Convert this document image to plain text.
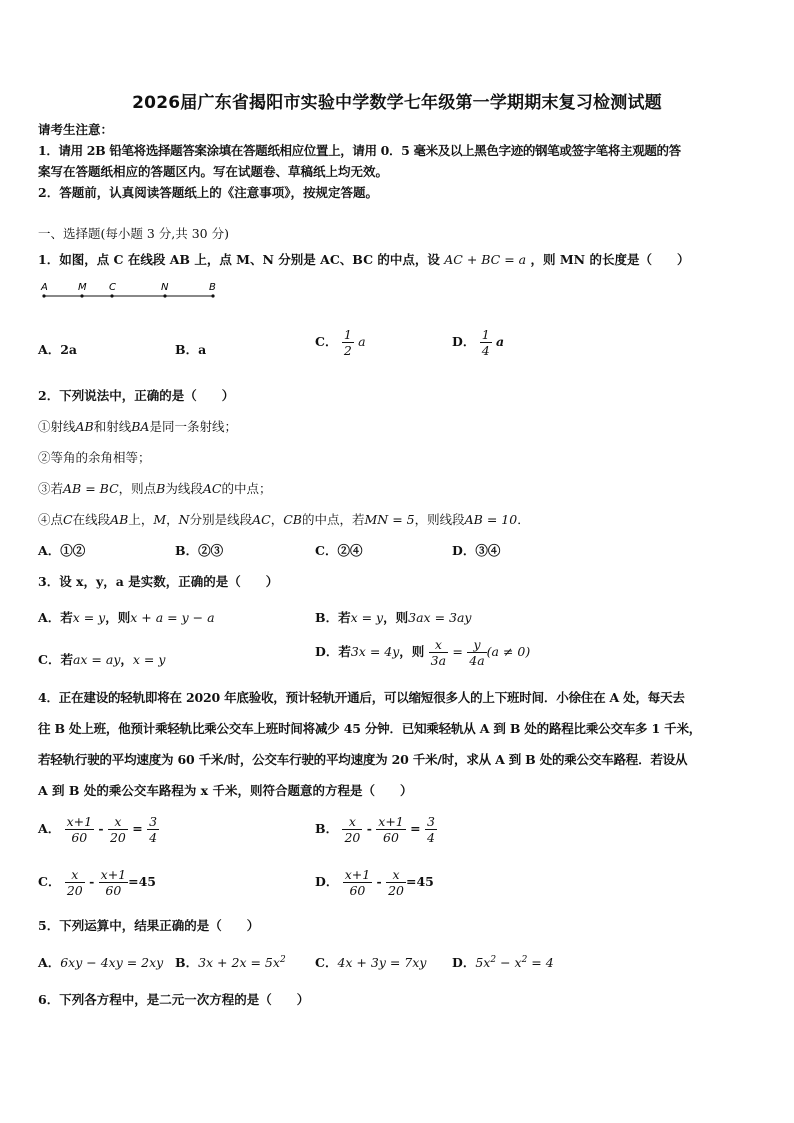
2026届广东省揭阳市实验中学数学七年级第一学期期末复习检测试题
请考生注意：
1．请用 2B 铅笔将选择题答案涂填在答题纸相应位置上，请用 0．5 毫米及以上黑色字迹的钢笔或签字笔将主观题的答
案写在答题纸相应的答题区内。写在试题卷、草稿纸上均无效。
2．答题前，认真阅读答题纸上的《注意事项》，按规定答题。
一、选择题(每小题 3 分,共 30 分)
1．如图，点 C 在线段 AB 上，点 M、N 分别是 AC、BC 的中点，设 AC + BC = a ，则 MN 的长度是（　　）
A	M C	N	B
A．2a	B．a
C． $\frac{1}{2}$ a	D． $\frac{1}{4}$ a
2．下列说法中，正确的是（　　）
①射线AB和射线BA是同一条射线；
②等角的余角相等；
③若AB = BC，则点B为线段AC的中点；
④点C在线段AB上，M，N分别是线段AC，CB的中点，若MN = 5，则线段AB = 10．
A．①②	B．②③	C．②④	D．③④
3．设 x，y，a 是实数，正确的是（　　）
A．若x = y，则x + a = y − a	B．若x = y，则3ax = 3ay
C．若ax = ay，x = y
D．若3x = 4y，则 $\frac{x}{3a} = \frac{y}{4a} (a \ne 0)$
4．正在建设的轻轨即将在 2020 年底验收，预计轻轨开通后，可以缩短很多人的上下班时间．小徐住在 A 处，每天去
往 B 处上班，他预计乘轻轨比乘公交车上班时间将减少 45 分钟．已知乘轻轨从 A 到 B 处的路程比乘公交车多 1 千米，
若轻轨行驶的平均速度为 60 千米/时，公交车行驶的平均速度为 20 千米/时，求从 A 到 B 处的乘公交车路程．若设从
A 到 B 处的乘公交车路程为 x 千米，则符合题意的方程是（　　）
A． $\frac{x+1}{60} - \frac{x}{20} = \frac{3}{4}$	B． $\frac{x}{20} - \frac{x+1}{60} = \frac{3}{4}$
C． $\frac{x}{20} - \frac{x+1}{60} =45$	D． $\frac{x+1}{60} - \frac{x}{20} =45$
5．下列运算中，结果正确的是（　　）
A．6xy − 4xy = 2xy B．$3x + 2x = 5x^2$ C．4x + 3y = 7xy D．$5x^2 - x^2 = 4$
6．下列各方程中，是二元一次方程的是（　　）
